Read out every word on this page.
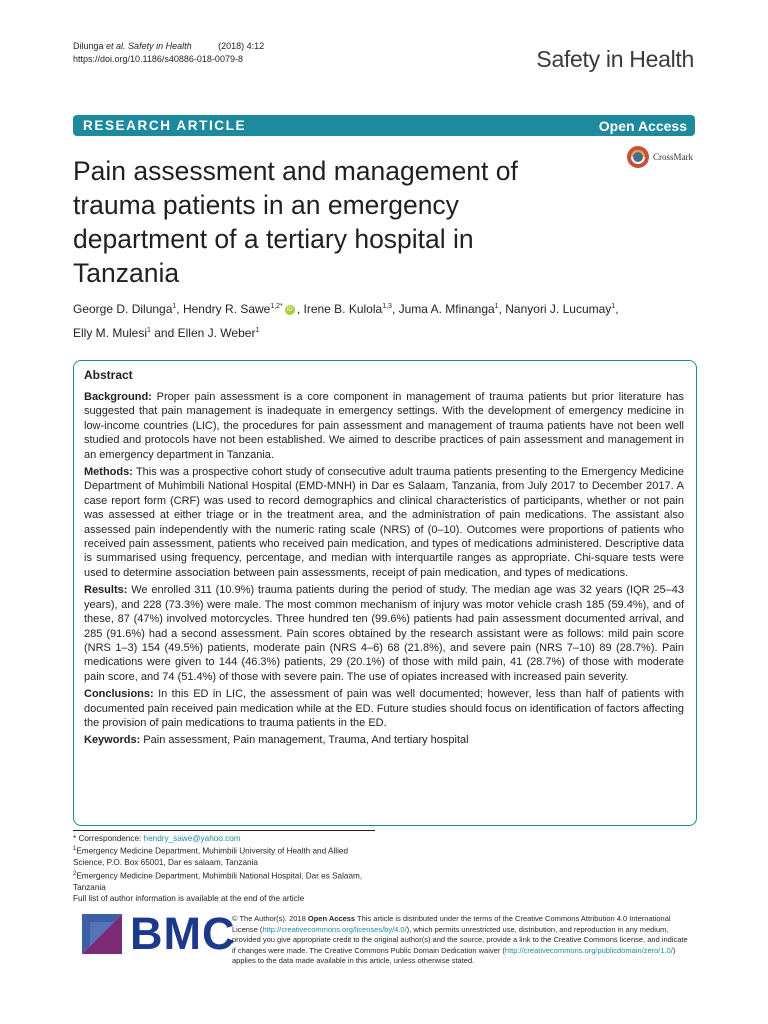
Dilunga et al. Safety in Health	(2018) 4:12
https://doi.org/10.1186/s40886-018-0079-8	Safety in Health
RESEARCH ARTICLE	Open Access
CrossMark
Pain assessment and management of trauma patients in an emergency department of a tertiary hospital in Tanzania
George D. Dilunga$^1$, Hendry R. Sawe$^{1,2*}$ iD , Irene B. Kulola$^{1,3}$, Juma A. Mfinanga$^1$, Nanyori J. Lucumay$^1$,
Elly M. Mulesi$^1$ and Ellen J. Weber$^1$

Abstract

Background: Proper pain assessment is a core component in management of trauma patients but prior literature has suggested that pain management is inadequate in emergency settings. With the development of emergency medicine in low-income countries (LIC), the procedures for pain assessment and management of trauma patients have not been well studied and protocols have not been established. We aimed to describe practices of pain assessment and management in an emergency department in Tanzania.

Methods: This was a prospective cohort study of consecutive adult trauma patients presenting to the Emergency Medicine Department of Muhimbili National Hospital (EMD-MNH) in Dar es Salaam, Tanzania, from July 2017 to December 2017. A case report form (CRF) was used to record demographics and clinical characteristics of participants, whether or not pain was assessed at either triage or in the treatment area, and the administration of pain medications. The assistant also assessed pain independently with the numeric rating scale (NRS) of (0–10). Outcomes were proportions of patients who received pain assessment, patients who received pain medication, and types of medications administered. Descriptive data is summarised using frequency, percentage, and median with interquartile ranges as appropriate. Chi-square tests were used to determine association between pain assessments, receipt of pain medication, and types of medications.

Results: We enrolled 311 (10.9%) trauma patients during the period of study. The median age was 32 years (IQR 25–43 years), and 228 (73.3%) were male. The most common mechanism of injury was motor vehicle crash 185 (59.4%), and of these, 87 (47%) involved motorcycles. Three hundred ten (99.6%) patients had pain assessment documented arrival, and 285 (91.6%) had a second assessment. Pain scores obtained by the research assistant were as follows: mild pain score (NRS 1–3) 154 (49.5%) patients, moderate pain (NRS 4–6) 68 (21.8%), and severe pain (NRS 7–10) 89 (28.7%). Pain medications were given to 144 (46.3%) patients, 29 (20.1%) of those with mild pain, 41 (28.7%) of those with moderate pain score, and 74 (51.4%) of those with severe pain. The use of opiates increased with increased pain severity.

Conclusions: In this ED in LIC, the assessment of pain was well documented; however, less than half of patients with documented pain received pain medication while at the ED. Future studies should focus on identification of factors affecting the provision of pain medications to trauma patients in the ED.

Keywords: Pain assessment, Pain management, Trauma, And tertiary hospital

* Correspondence: hendry_sawe@yahoo.com

$^1$Emergency Medicine Department, Muhimbili University of Health and Allied Science, P.O. Box 65001, Dar es salaam, Tanzania

$^2$Emergency Medicine Department, Muhimbili National Hospital, Dar es Salaam, Tanzania

Full list of author information is available at the end of the article

BMC
© The Author(s). 2018 Open Access This article is distributed under the terms of the Creative Commons Attribution 4.0 International License (http://creativecommons.org/licenses/by/4.0/), which permits unrestricted use, distribution, and reproduction in any medium, provided you give appropriate credit to the original author(s) and the source, provide a link to the Creative Commons license, and indicate if changes were made. The Creative Commons Public Domain Dedication waiver (http://creativecommons.org/publicdomain/zero/1.0/) applies to the data made available in this article, unless otherwise stated.
